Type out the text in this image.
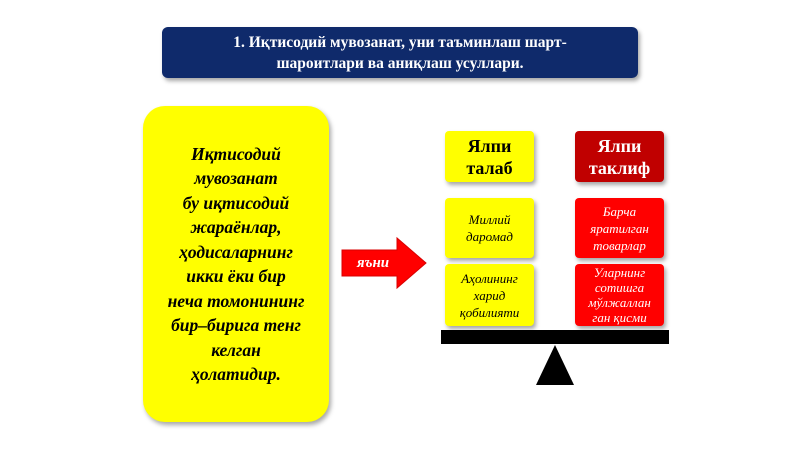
1. Иқтисодий мувозанат, уни таъминлаш шарт-
шароитлари ва аниқлаш усуллари.
Иқтисодий
мувозанат
бу иқтисодий
жараёнлар,
ҳодисаларнинг
икки ёки бир
неча томонининг
бир–бирига тенг
келган
ҳолатидир.
яъни
Ялпи
талаб
Миллий
даромад
Аҳолининг
харид
қобилияти
Ялпи
таклиф
Барча
яратилган
товарлар
Уларнинг
сотишга
мўлжаллан
ган қисми
